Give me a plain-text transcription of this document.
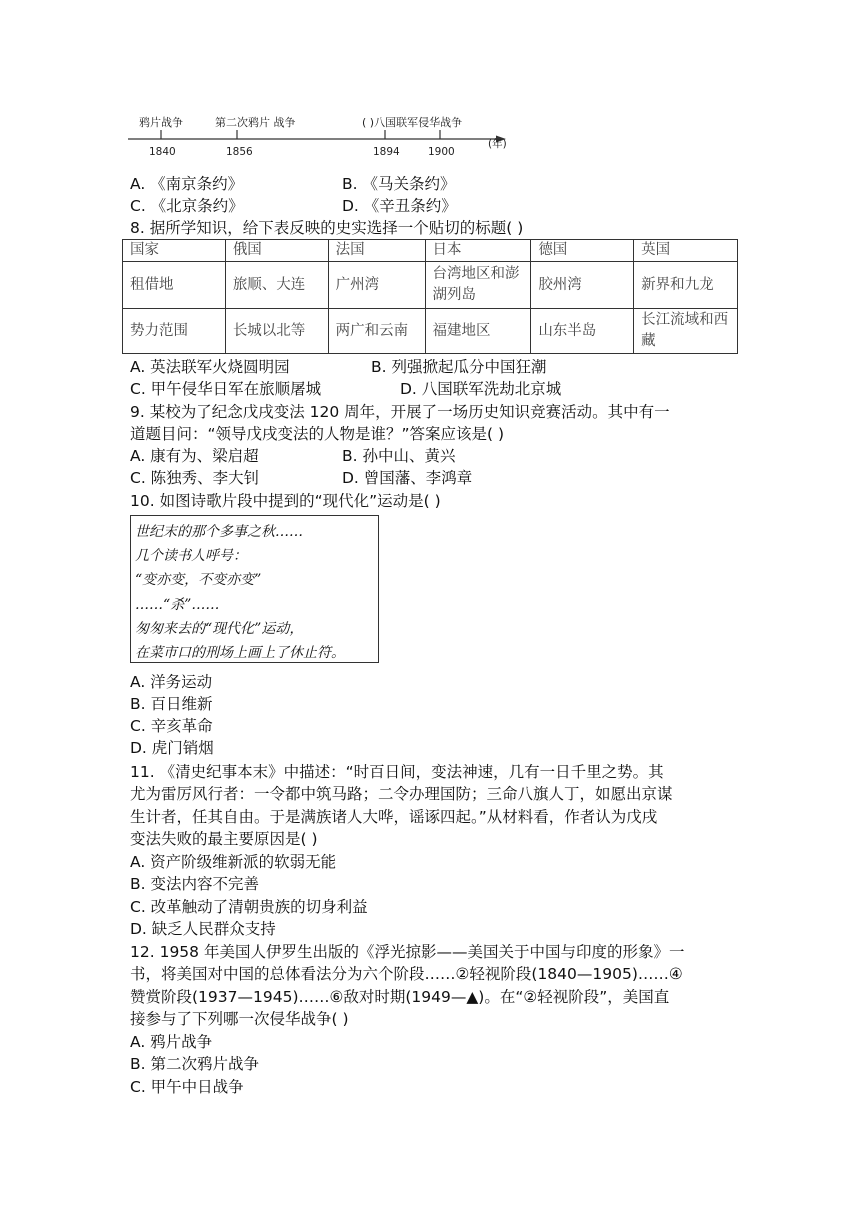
鸦片战争	第二次鸦片 战争	( )八国联军侵华战争
1840	1856	1894	1900
(年)
A. 《南京条约》	B. 《马关条约》
C. 《北京条约》	D. 《辛丑条约》
8. 据所学知识，给下表反映的史实选择一个贴切的标题( )
国家	俄国	法国	日本	德国	英国
租借地	旅顺、大连	广州湾	台湾地区和澎湖列岛	胶州湾	新界和九龙
势力范围	长城以北等	两广和云南	福建地区	山东半岛	长江流域和西藏
A. 英法联军火烧圆明园	B. 列强掀起瓜分中国狂潮
C. 甲午侵华日军在旅顺屠城	D. 八国联军洗劫北京城
9. 某校为了纪念戊戌变法 120 周年，开展了一场历史知识竞赛活动。其中有一
道题目问：“领导戊戌变法的人物是谁？”答案应该是( )
A. 康有为、梁启超	B. 孙中山、黄兴
C. 陈独秀、李大钊	D. 曾国藩、李鸿章
10. 如图诗歌片段中提到的“现代化”运动是( )
世纪末的那个多事之秋……
几个读书人呼号：
“变亦变，不变亦变”
……“杀”……
匆匆来去的“现代化”运动，
在菜市口的刑场上画上了休止符。
A. 洋务运动
B. 百日维新
C. 辛亥革命
D. 虎门销烟
11. 《清史纪事本末》中描述：“时百日间，变法神速，几有一日千里之势。其
尤为雷厉风行者：一令都中筑马路；二令办理国防；三命八旗人丁，如愿出京谋
生计者，任其自由。于是满族诸人大哗，谣诼四起。”从材料看，作者认为戊戌
变法失败的最主要原因是( )
A. 资产阶级维新派的软弱无能
B. 变法内容不完善
C. 改革触动了清朝贵族的切身利益
D. 缺乏人民群众支持
12. 1958 年美国人伊罗生出版的《浮光掠影——美国关于中国与印度的形象》一
书，将美国对中国的总体看法分为六个阶段……②轻视阶段(1840—1905)……④
赞赏阶段(1937—1945)……⑥敌对时期(1949—▲)。在“②轻视阶段”，美国直
接参与了下列哪一次侵华战争( )
A. 鸦片战争
B. 第二次鸦片战争
C. 甲午中日战争
